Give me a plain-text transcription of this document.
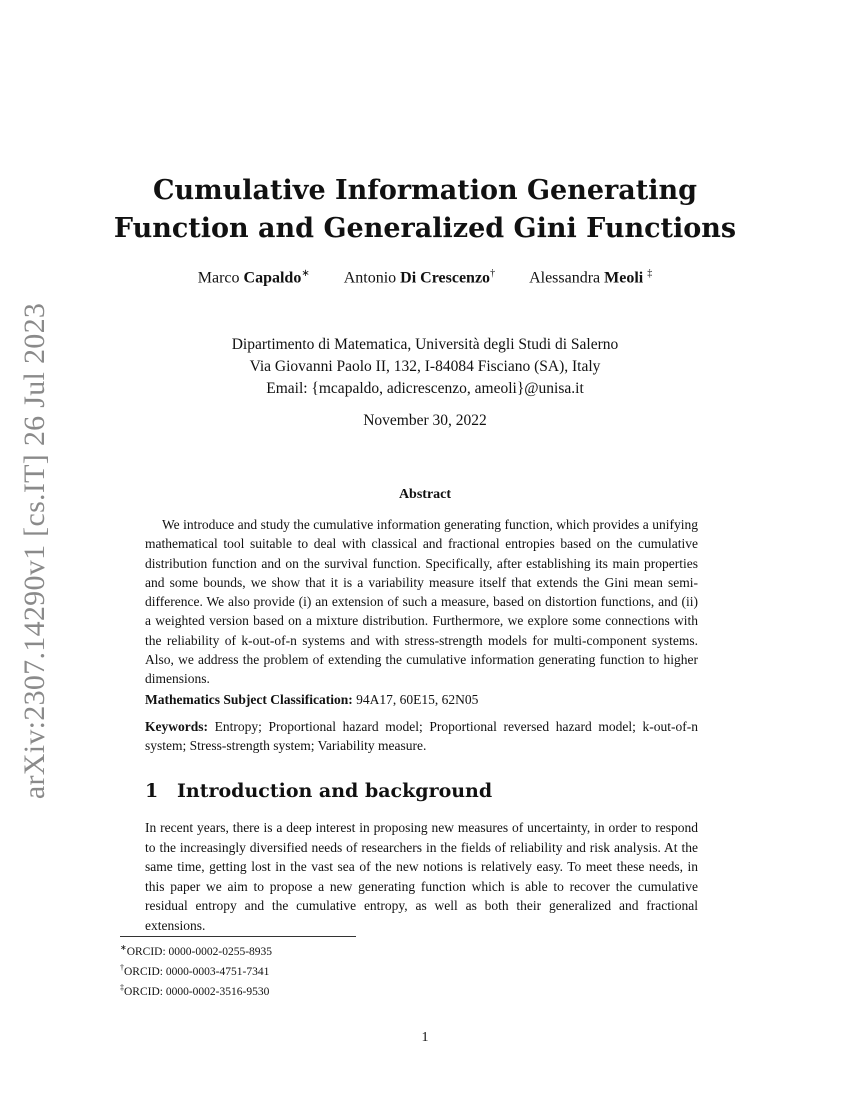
arXiv:2307.14290v1 [cs.IT] 26 Jul 2023
Cumulative Information Generating
Function and Generalized Gini Functions
Marco Capaldo∗ Antonio Di Crescenzo† Alessandra Meoli ‡
Dipartimento di Matematica, Università degli Studi di Salerno
Via Giovanni Paolo II, 132, I-84084 Fisciano (SA), Italy
Email: {mcapaldo, adicrescenzo, ameoli}@unisa.it
November 30, 2022
Abstract

We introduce and study the cumulative information generating function, which provides a unifying mathematical tool suitable to deal with classical and fractional entropies based on the cumulative distribution function and on the survival function. Specifically, after establishing its main properties and some bounds, we show that it is a variability measure itself that extends the Gini mean semi-difference. We also provide (i) an extension of such a measure, based on distortion functions, and (ii) a weighted version based on a mixture distribution. Furthermore, we explore some connections with the reliability of k-out-of-n systems and with stress-strength models for multi-component systems. Also, we address the problem of extending the cumulative information generating function to higher dimensions.

Mathematics Subject Classification: 94A17, 60E15, 62N05

Keywords: Entropy; Proportional hazard model; Proportional reversed hazard model; k-out-of-n system; Stress-strength system; Variability measure.

1 Introduction and background

In recent years, there is a deep interest in proposing new measures of uncertainty, in order to respond to the increasingly diversified needs of researchers in the fields of reliability and risk analysis. At the same time, getting lost in the vast sea of the new notions is relatively easy. To meet these needs, in this paper we aim to propose a new generating function which is able to recover the cumulative residual entropy and the cumulative entropy, as well as both their generalized and fractional extensions.

∗ORCID: 0000-0002-0255-8935
†ORCID: 0000-0003-4751-7341
‡ORCID: 0000-0002-3516-9530
1
